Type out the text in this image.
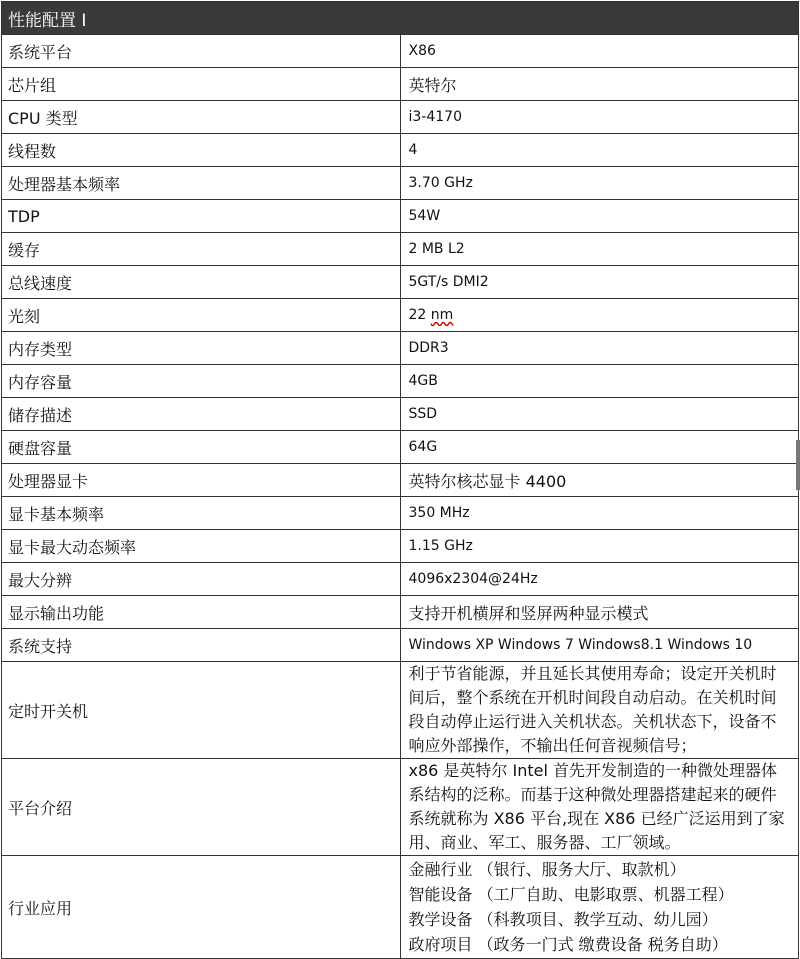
性能配置 I	
系统平台	X86
芯片组	英特尔
CPU 类型	i3-4170
线程数	4
处理器基本频率	3.70 GHz
TDP	54W
缓存	2 MB L2
总线速度	5GT/s DMI2
光刻	22 nm
内存类型	DDR3
内存容量	4GB
储存描述	SSD
硬盘容量	64G
处理器显卡	英特尔核芯显卡 4400
显卡基本频率	350 MHz
显卡最大动态频率	1.15 GHz
最大分辨	4096x2304@24Hz
显示输出功能	支持开机横屏和竖屏两种显示模式
系统支持	Windows XP Windows 7 Windows8.1 Windows 10
定时开关机	利于节省能源，并且延长其使用寿命；设定开关机时间后，整个系统在开机时间段自动启动。在关机时间段自动停止运行进入关机状态。关机状态下，设备不响应外部操作，不输出任何音视频信号；
平台介绍	x86 是英特尔 Intel 首先开发制造的一种微处理器体系结构的泛称。而基于这种微处理器搭建起来的硬件系统就称为 X86 平台,现在 X86 已经广泛运用到了家用、商业、军工、服务器、工厂领域。
行业应用	金融行业 （银行、服务大厅、取款机）
智能设备 （工厂自助、电影取票、机器工程）
教学设备 （科教项目、教学互动、幼儿园）
政府项目 （政务一门式 缴费设备 税务自助）
